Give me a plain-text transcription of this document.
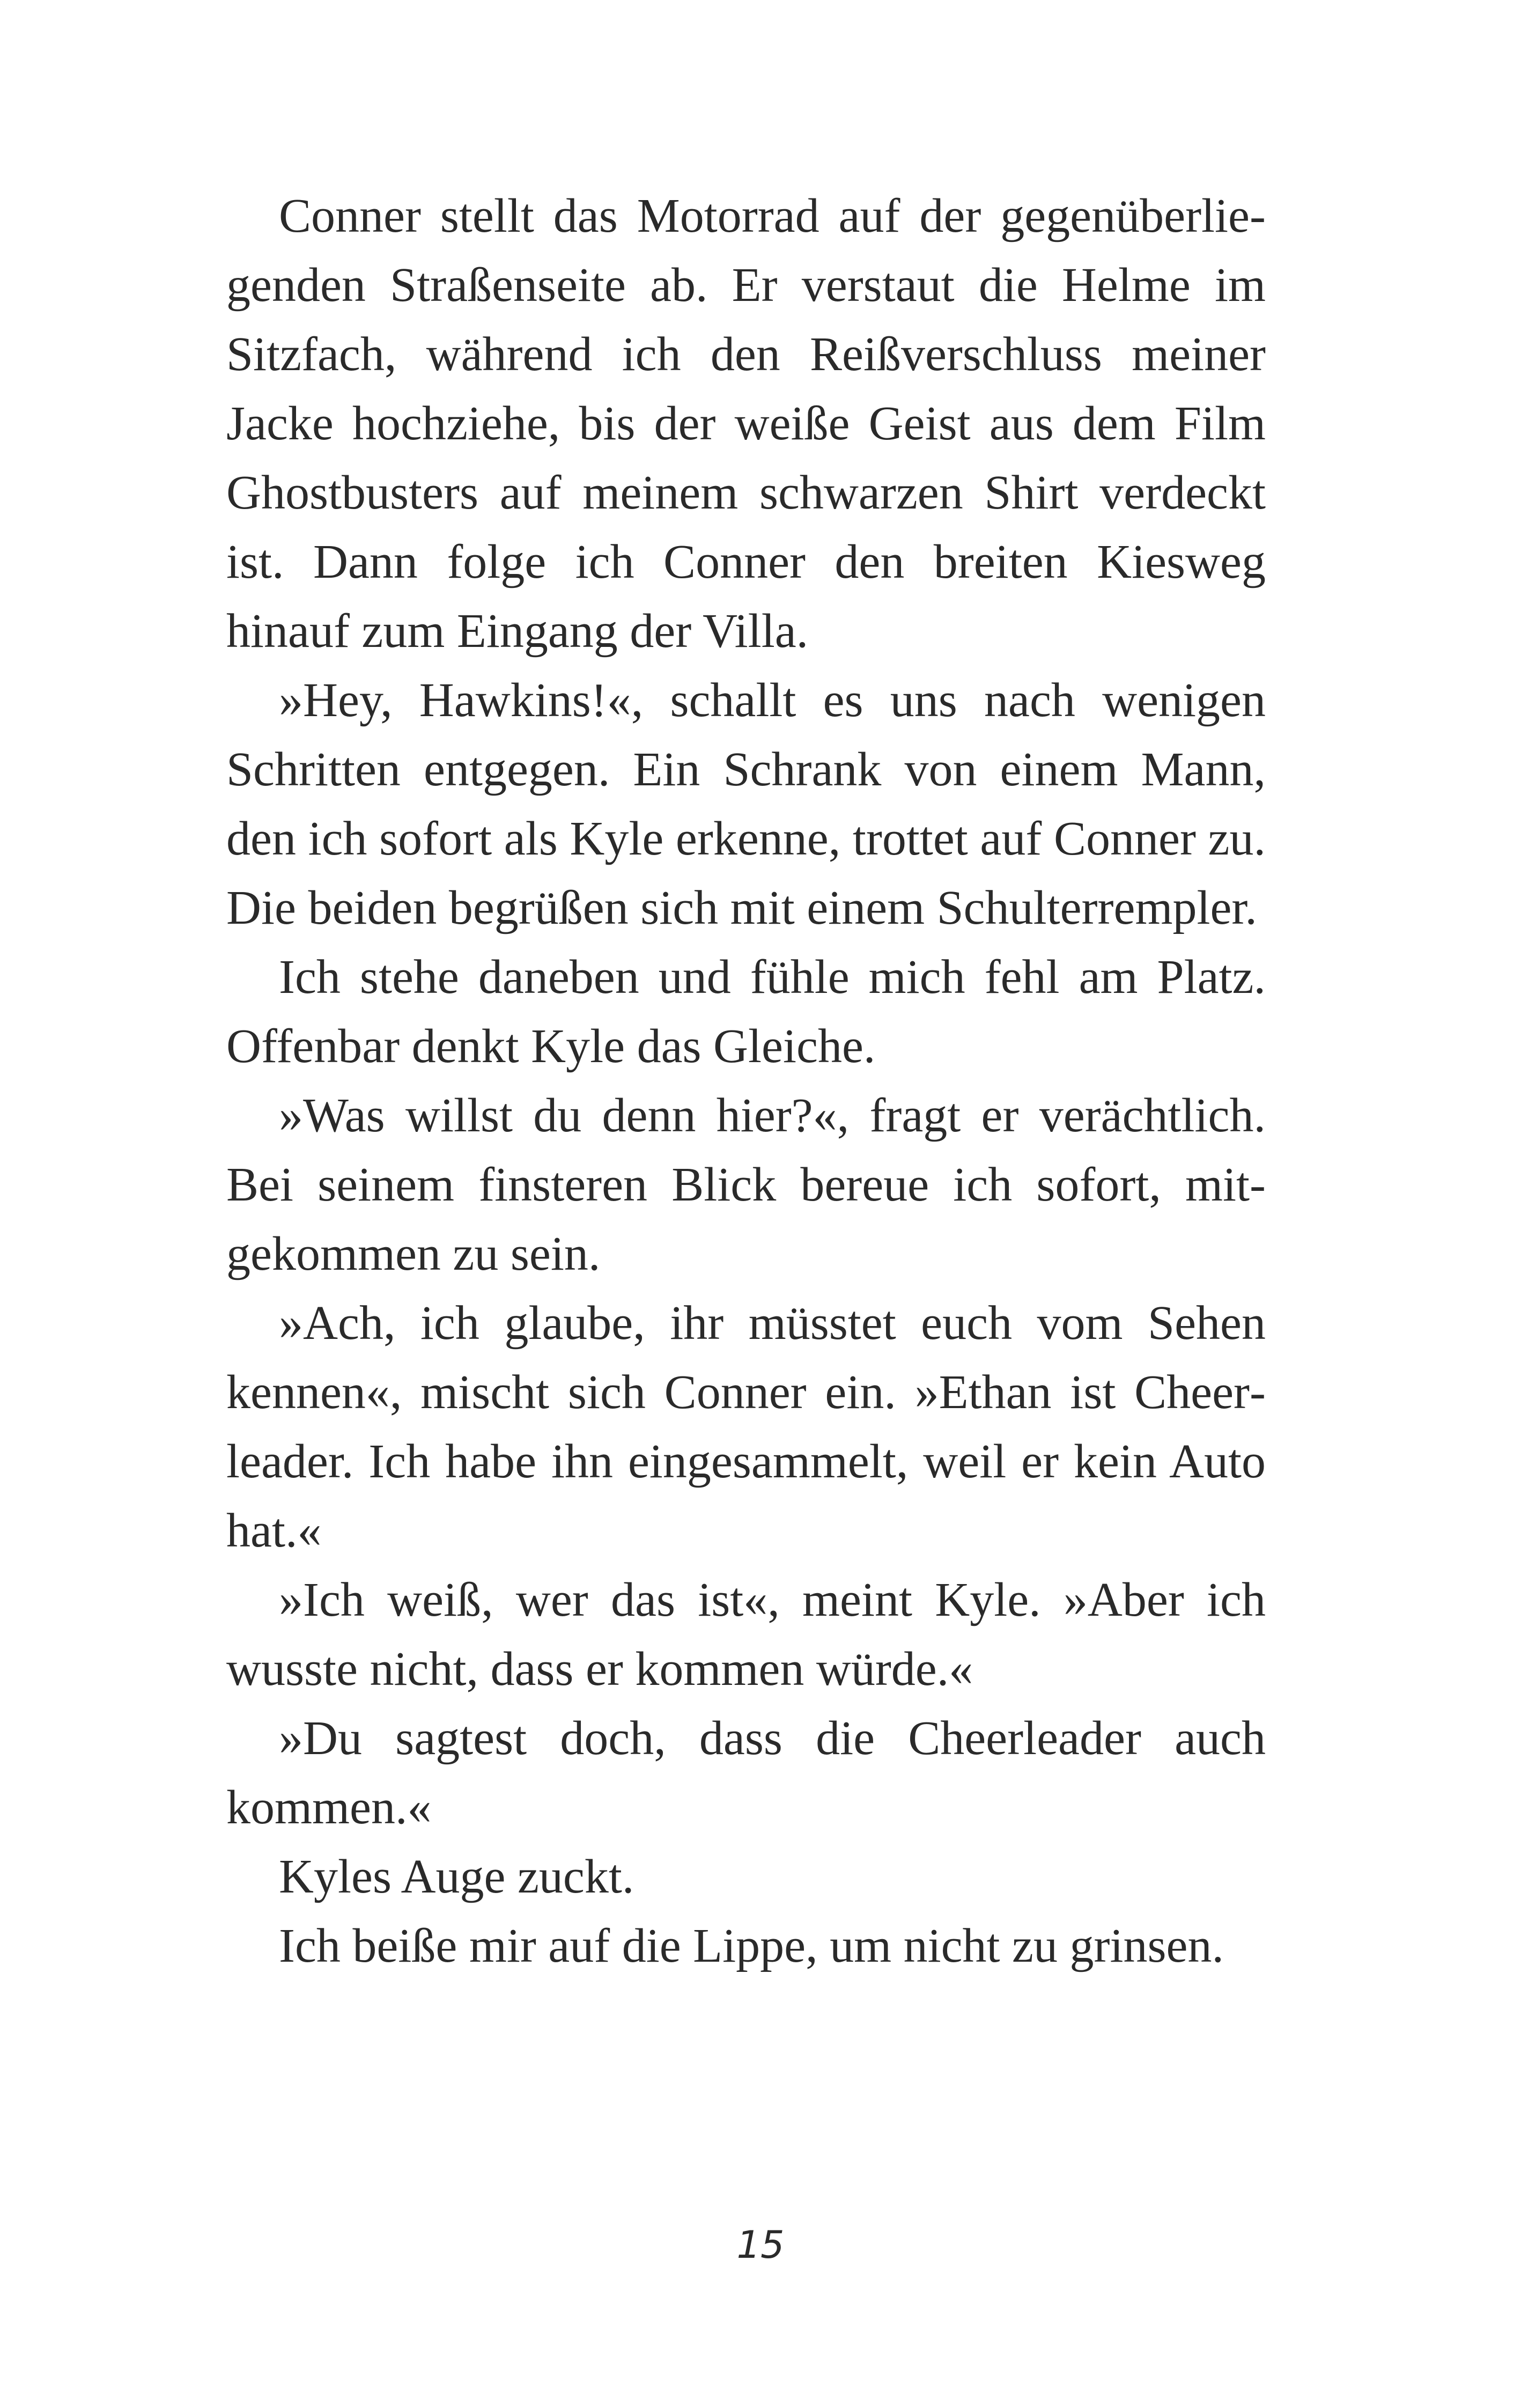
Conner stellt das Motorrad auf der gegenüberliegenden Straßenseite ab. Er verstaut die Helme im Sitzfach, während ich den Reißverschluss meiner Jacke hochziehe, bis der weiße Geist aus dem Film Ghostbusters auf meinem schwarzen Shirt verdeckt ist. Dann folge ich Conner den breiten Kiesweg hinauf zum Eingang der Villa.

»Hey, Hawkins!«, schallt es uns nach wenigen Schritten entgegen. Ein Schrank von einem Mann, den ich sofort als Kyle erkenne, trottet auf Conner zu. Die beiden begrüßen sich mit einem Schulterrempler.

Ich stehe daneben und fühle mich fehl am Platz. Offenbar denkt Kyle das Gleiche.

»Was willst du denn hier?«, fragt er verächtlich. Bei seinem finsteren Blick bereue ich sofort, mitgekommen zu sein.

»Ach, ich glaube, ihr müsstet euch vom Sehen kennen«, mischt sich Conner ein. »Ethan ist Cheerleader. Ich habe ihn eingesammelt, weil er kein Auto hat.«

»Ich weiß, wer das ist«, meint Kyle. »Aber ich wusste nicht, dass er kommen würde.«

»Du sagtest doch, dass die Cheerleader auch kommen.«

Kyles Auge zuckt.

Ich beiße mir auf die Lippe, um nicht zu grinsen.

15
